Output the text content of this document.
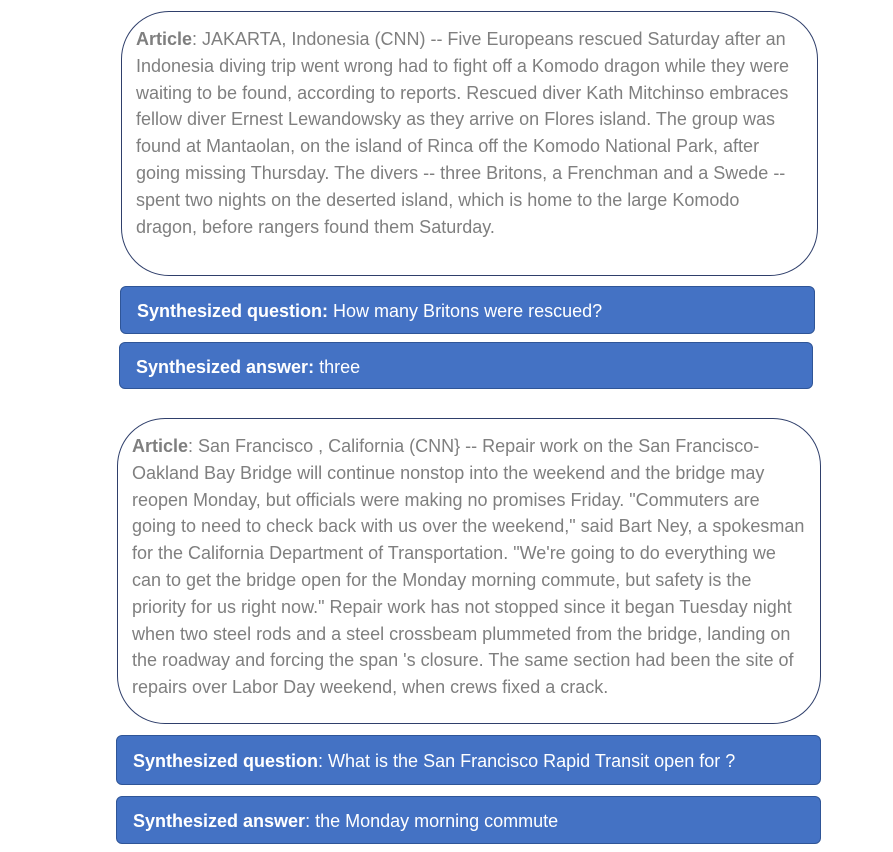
Article: JAKARTA, Indonesia (CNN) -- Five Europeans rescued Saturday after an Indonesia diving trip went wrong had to fight off a Komodo dragon while they were waiting to be found, according to reports. Rescued diver Kath Mitchinso embraces fellow diver Ernest Lewandowsky as they arrive on Flores island. The group was found at Mantaolan, on the island of Rinca off the Komodo National Park, after going missing Thursday. The divers -- three Britons, a Frenchman and a Swede -- spent two nights on the deserted island, which is home to the large Komodo dragon, before rangers found them Saturday.
Synthesized question: How many Britons were rescued?
Synthesized answer: three
Article: San Francisco , California (CNN} -- Repair work on the San Francisco-Oakland Bay Bridge will continue nonstop into the weekend and the bridge may reopen Monday, but officials were making no promises Friday. "Commuters are going to need to check back with us over the weekend," said Bart Ney, a spokesman for the California Department of Transportation. "We're going to do everything we can to get the bridge open for the Monday morning commute, but safety is the priority for us right now." Repair work has not stopped since it began Tuesday night when two steel rods and a steel crossbeam plummeted from the bridge, landing on the roadway and forcing the span 's closure. The same section had been the site of repairs over Labor Day weekend, when crews fixed a crack.
Synthesized question: What is the San Francisco Rapid Transit open for ?
Synthesized answer: the Monday morning commute
